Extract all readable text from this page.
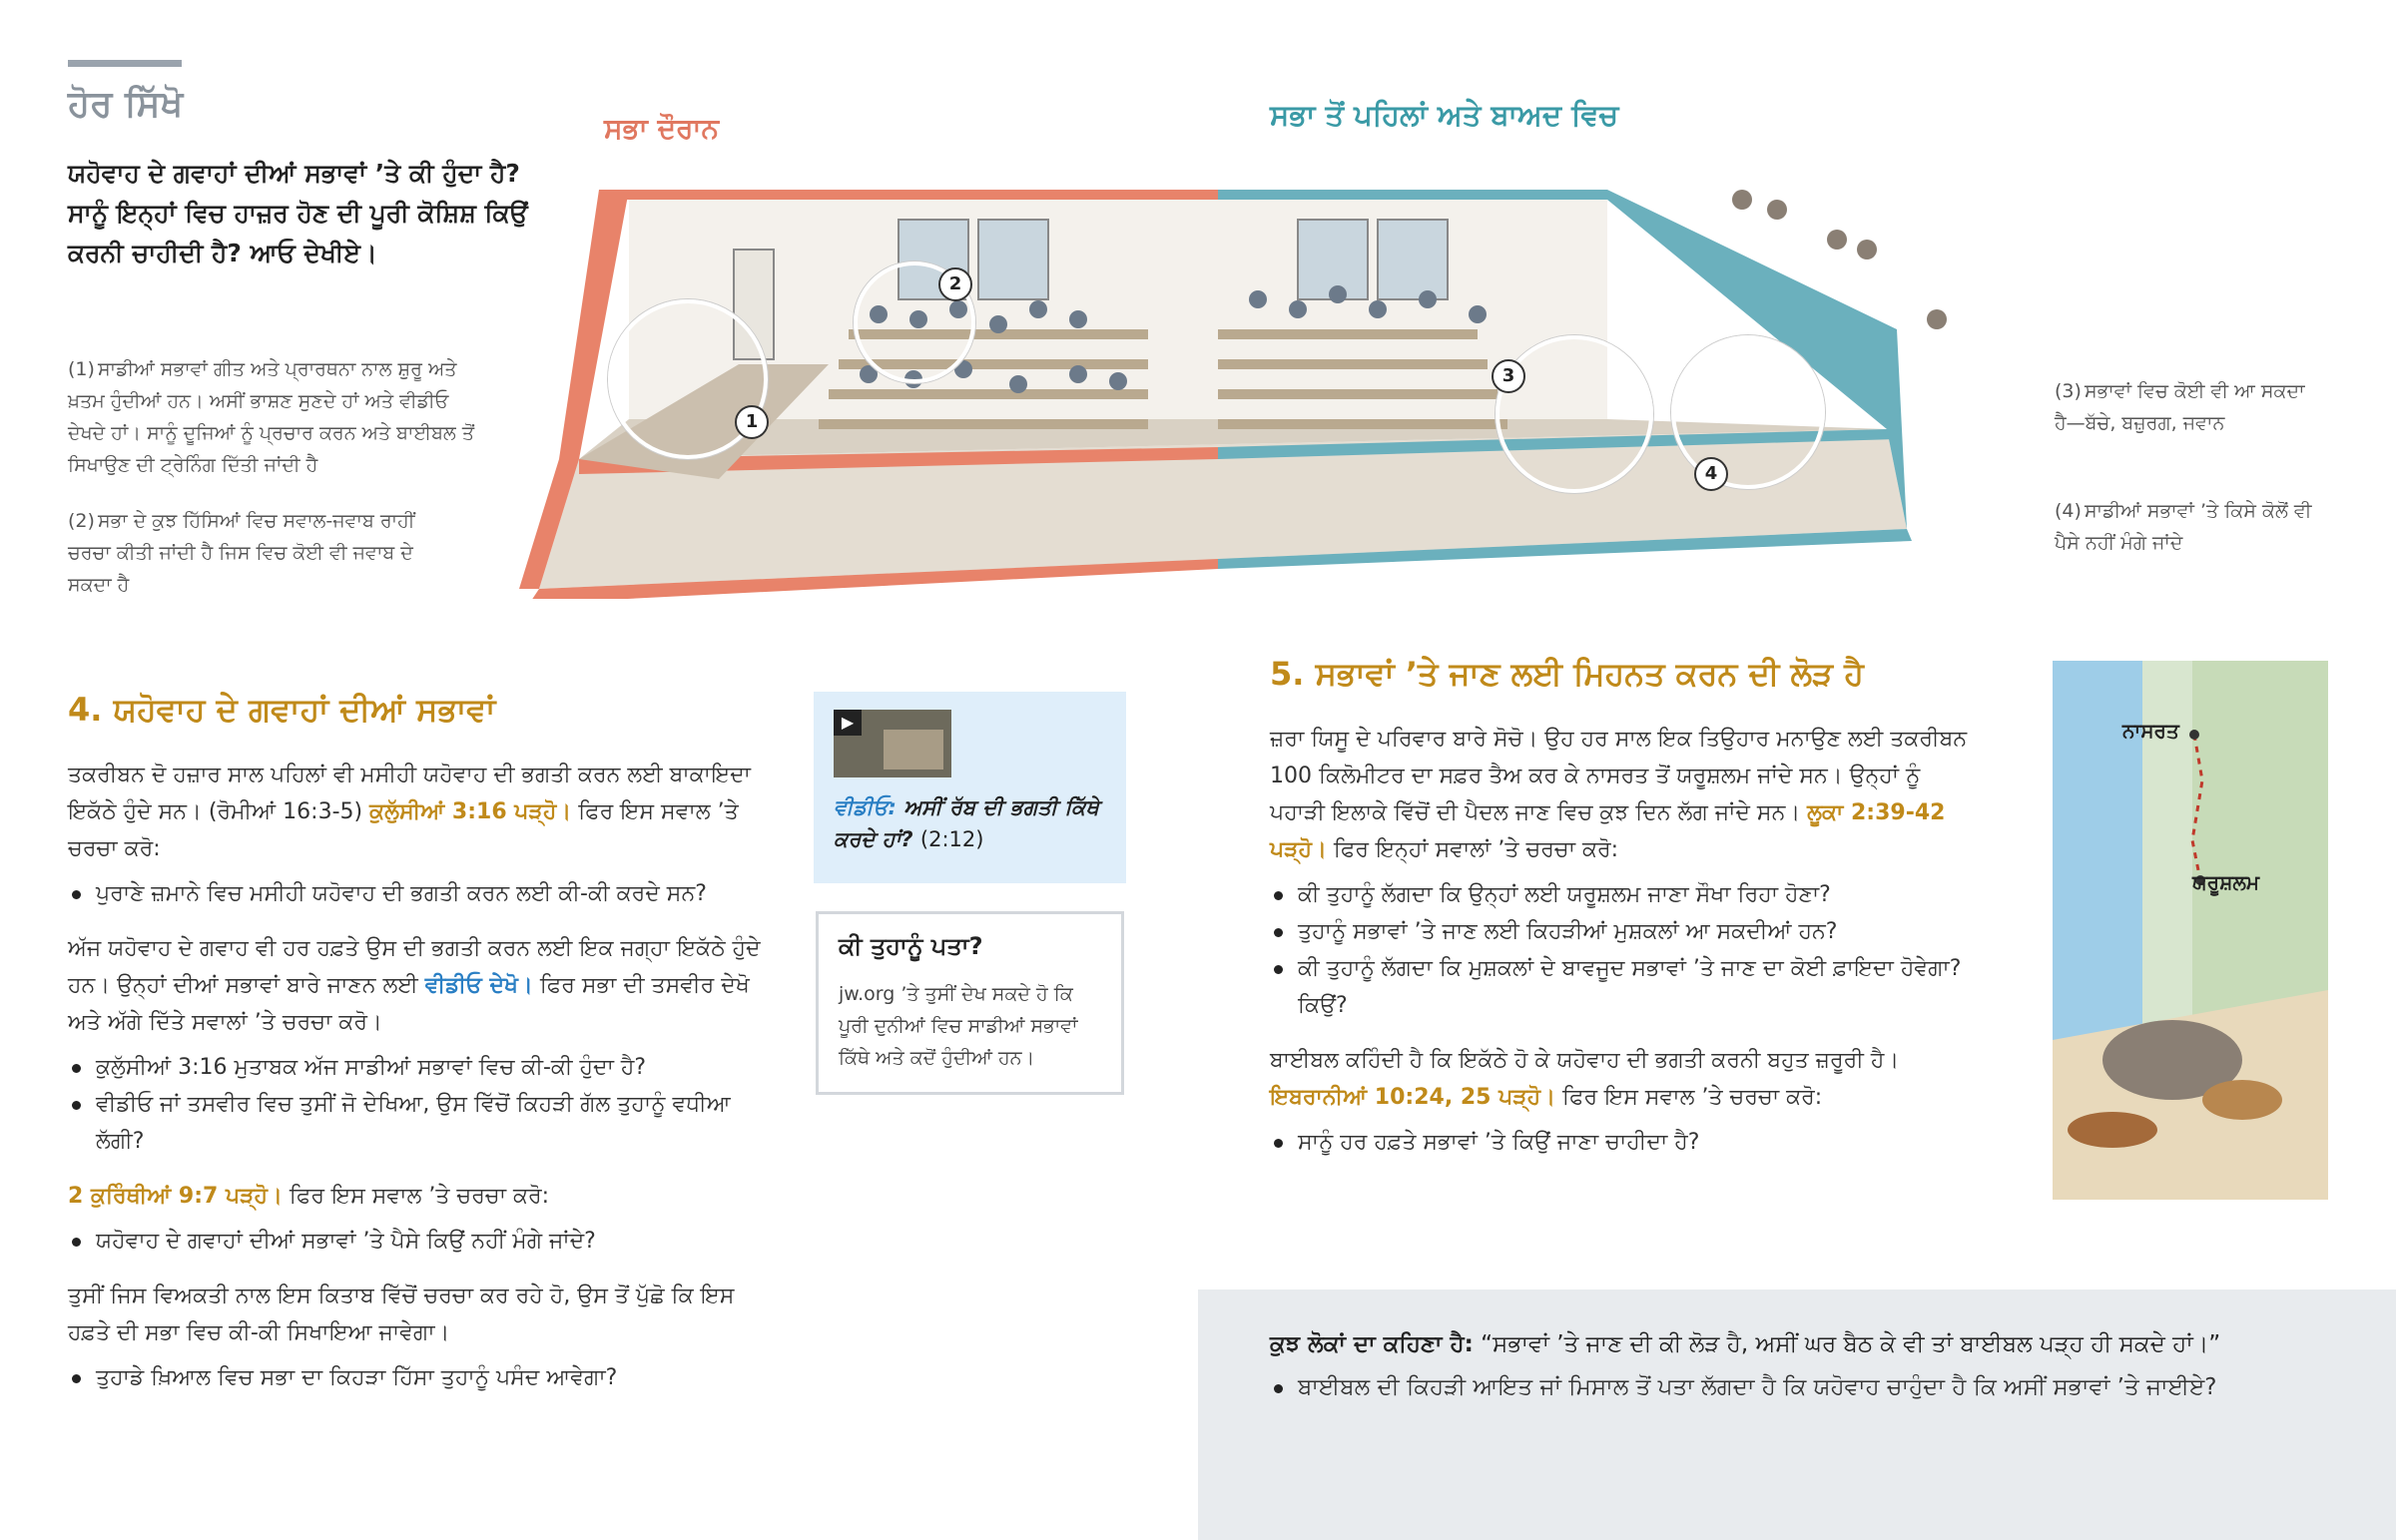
ਹੋਰ ਸਿੱਖੋ
ਯਹੋਵਾਹ ਦੇ ਗਵਾਹਾਂ ਦੀਆਂ ਸਭਾਵਾਂ ’ਤੇ ਕੀ ਹੁੰਦਾ ਹੈ? ਸਾਨੂੰ ਇਨ੍ਹਾਂ ਵਿਚ ਹਾਜ਼ਰ ਹੋਣ ਦੀ ਪੂਰੀ ਕੋਸ਼ਿਸ਼ ਕਿਉਂ ਕਰਨੀ ਚਾਹੀਦੀ ਹੈ? ਆਓ ਦੇਖੀਏ।
ਸਭਾ ਦੌਰਾਨ	ਸਭਾ ਤੋਂ ਪਹਿਲਾਂ ਅਤੇ ਬਾਅਦ ਵਿਚ
1
2
3
4
(1) ਸਾਡੀਆਂ ਸਭਾਵਾਂ ਗੀਤ ਅਤੇ ਪ੍ਰਾਰਥਨਾ ਨਾਲ ਸ਼ੁਰੂ ਅਤੇ ਖ਼ਤਮ ਹੁੰਦੀਆਂ ਹਨ। ਅਸੀਂ ਭਾਸ਼ਣ ਸੁਣਦੇ ਹਾਂ ਅਤੇ ਵੀਡੀਓ ਦੇਖਦੇ ਹਾਂ। ਸਾਨੂੰ ਦੂਜਿਆਂ ਨੂੰ ਪ੍ਰਚਾਰ ਕਰਨ ਅਤੇ ਬਾਈਬਲ ਤੋਂ ਸਿਖਾਉਣ ਦੀ ਟ੍ਰੇਨਿੰਗ ਦਿੱਤੀ ਜਾਂਦੀ ਹੈ
(2) ਸਭਾ ਦੇ ਕੁਝ ਹਿੱਸਿਆਂ ਵਿਚ ਸਵਾਲ-ਜਵਾਬ ਰਾਹੀਂ ਚਰਚਾ ਕੀਤੀ ਜਾਂਦੀ ਹੈ ਜਿਸ ਵਿਚ ਕੋਈ ਵੀ ਜਵਾਬ ਦੇ ਸਕਦਾ ਹੈ
(3) ਸਭਾਵਾਂ ਵਿਚ ਕੋਈ ਵੀ ਆ ਸਕਦਾ ਹੈ—ਬੱਚੇ, ਬਜ਼ੁਰਗ, ਜਵਾਨ
(4) ਸਾਡੀਆਂ ਸਭਾਵਾਂ ’ਤੇ ਕਿਸੇ ਕੋਲੋਂ ਵੀ ਪੈਸੇ ਨਹੀਂ ਮੰਗੇ ਜਾਂਦੇ
4. ਯਹੋਵਾਹ ਦੇ ਗਵਾਹਾਂ ਦੀਆਂ ਸਭਾਵਾਂ
ਤਕਰੀਬਨ ਦੋ ਹਜ਼ਾਰ ਸਾਲ ਪਹਿਲਾਂ ਵੀ ਮਸੀਹੀ ਯਹੋਵਾਹ ਦੀ ਭਗਤੀ ਕਰਨ ਲਈ ਬਾਕਾਇਦਾ ਇਕੱਠੇ ਹੁੰਦੇ ਸਨ। (ਰੋਮੀਆਂ 16:3-5) ਕੁਲੁੱਸੀਆਂ 3:16 ਪੜ੍ਹੋ। ਫਿਰ ਇਸ ਸਵਾਲ ’ਤੇ ਚਰਚਾ ਕਰੋ:
ਪੁਰਾਣੇ ਜ਼ਮਾਨੇ ਵਿਚ ਮਸੀਹੀ ਯਹੋਵਾਹ ਦੀ ਭਗਤੀ ਕਰਨ ਲਈ ਕੀ-ਕੀ ਕਰਦੇ ਸਨ?
ਅੱਜ ਯਹੋਵਾਹ ਦੇ ਗਵਾਹ ਵੀ ਹਰ ਹਫ਼ਤੇ ਉਸ ਦੀ ਭਗਤੀ ਕਰਨ ਲਈ ਇਕ ਜਗ੍ਹਾ ਇਕੱਠੇ ਹੁੰਦੇ ਹਨ। ਉਨ੍ਹਾਂ ਦੀਆਂ ਸਭਾਵਾਂ ਬਾਰੇ ਜਾਣਨ ਲਈ ਵੀਡੀਓ ਦੇਖੋ। ਫਿਰ ਸਭਾ ਦੀ ਤਸਵੀਰ ਦੇਖੋ ਅਤੇ ਅੱਗੇ ਦਿੱਤੇ ਸਵਾਲਾਂ ’ਤੇ ਚਰਚਾ ਕਰੋ।
ਕੁਲੁੱਸੀਆਂ 3:16 ਮੁਤਾਬਕ ਅੱਜ ਸਾਡੀਆਂ ਸਭਾਵਾਂ ਵਿਚ ਕੀ-ਕੀ ਹੁੰਦਾ ਹੈ?
ਵੀਡੀਓ ਜਾਂ ਤਸਵੀਰ ਵਿਚ ਤੁਸੀਂ ਜੋ ਦੇਖਿਆ, ਉਸ ਵਿੱਚੋਂ ਕਿਹੜੀ ਗੱਲ ਤੁਹਾਨੂੰ ਵਧੀਆ ਲੱਗੀ?
2 ਕੁਰਿੰਥੀਆਂ 9:7 ਪੜ੍ਹੋ। ਫਿਰ ਇਸ ਸਵਾਲ ’ਤੇ ਚਰਚਾ ਕਰੋ:
ਯਹੋਵਾਹ ਦੇ ਗਵਾਹਾਂ ਦੀਆਂ ਸਭਾਵਾਂ ’ਤੇ ਪੈਸੇ ਕਿਉਂ ਨਹੀਂ ਮੰਗੇ ਜਾਂਦੇ?
ਤੁਸੀਂ ਜਿਸ ਵਿਅਕਤੀ ਨਾਲ ਇਸ ਕਿਤਾਬ ਵਿੱਚੋਂ ਚਰਚਾ ਕਰ ਰਹੇ ਹੋ, ਉਸ ਤੋਂ ਪੁੱਛੋ ਕਿ ਇਸ ਹਫ਼ਤੇ ਦੀ ਸਭਾ ਵਿਚ ਕੀ-ਕੀ ਸਿਖਾਇਆ ਜਾਵੇਗਾ।
ਤੁਹਾਡੇ ਖ਼ਿਆਲ ਵਿਚ ਸਭਾ ਦਾ ਕਿਹੜਾ ਹਿੱਸਾ ਤੁਹਾਨੂੰ ਪਸੰਦ ਆਵੇਗਾ?
▶
ਵੀਡੀਓ: ਅਸੀਂ ਰੱਬ ਦੀ ਭਗਤੀ ਕਿੱਥੇ ਕਰਦੇ ਹਾਂ? (2:12)
ਕੀ ਤੁਹਾਨੂੰ ਪਤਾ?
jw.org ’ਤੇ ਤੁਸੀਂ ਦੇਖ ਸਕਦੇ ਹੋ ਕਿ ਪੂਰੀ ਦੁਨੀਆਂ ਵਿਚ ਸਾਡੀਆਂ ਸਭਾਵਾਂ ਕਿੱਥੇ ਅਤੇ ਕਦੋਂ ਹੁੰਦੀਆਂ ਹਨ।
5. ਸਭਾਵਾਂ ’ਤੇ ਜਾਣ ਲਈ ਮਿਹਨਤ ਕਰਨ ਦੀ ਲੋੜ ਹੈ
ਜ਼ਰਾ ਯਿਸੂ ਦੇ ਪਰਿਵਾਰ ਬਾਰੇ ਸੋਚੋ। ਉਹ ਹਰ ਸਾਲ ਇਕ ਤਿਉਹਾਰ ਮਨਾਉਣ ਲਈ ਤਕਰੀਬਨ 100 ਕਿਲੋਮੀਟਰ ਦਾ ਸਫ਼ਰ ਤੈਅ ਕਰ ਕੇ ਨਾਸਰਤ ਤੋਂ ਯਰੂਸ਼ਲਮ ਜਾਂਦੇ ਸਨ। ਉਨ੍ਹਾਂ ਨੂੰ ਪਹਾੜੀ ਇਲਾਕੇ ਵਿੱਚੋਂ ਦੀ ਪੈਦਲ ਜਾਣ ਵਿਚ ਕੁਝ ਦਿਨ ਲੱਗ ਜਾਂਦੇ ਸਨ। ਲੂਕਾ 2:39-42 ਪੜ੍ਹੋ। ਫਿਰ ਇਨ੍ਹਾਂ ਸਵਾਲਾਂ ’ਤੇ ਚਰਚਾ ਕਰੋ:
ਕੀ ਤੁਹਾਨੂੰ ਲੱਗਦਾ ਕਿ ਉਨ੍ਹਾਂ ਲਈ ਯਰੂਸ਼ਲਮ ਜਾਣਾ ਸੌਖਾ ਰਿਹਾ ਹੋਣਾ?
ਤੁਹਾਨੂੰ ਸਭਾਵਾਂ ’ਤੇ ਜਾਣ ਲਈ ਕਿਹੜੀਆਂ ਮੁਸ਼ਕਲਾਂ ਆ ਸਕਦੀਆਂ ਹਨ?
ਕੀ ਤੁਹਾਨੂੰ ਲੱਗਦਾ ਕਿ ਮੁਸ਼ਕਲਾਂ ਦੇ ਬਾਵਜੂਦ ਸਭਾਵਾਂ ’ਤੇ ਜਾਣ ਦਾ ਕੋਈ ਫ਼ਾਇਦਾ ਹੋਵੇਗਾ? ਕਿਉਂ?
ਬਾਈਬਲ ਕਹਿੰਦੀ ਹੈ ਕਿ ਇਕੱਠੇ ਹੋ ਕੇ ਯਹੋਵਾਹ ਦੀ ਭਗਤੀ ਕਰਨੀ ਬਹੁਤ ਜ਼ਰੂਰੀ ਹੈ। ਇਬਰਾਨੀਆਂ 10:24, 25 ਪੜ੍ਹੋ। ਫਿਰ ਇਸ ਸਵਾਲ ’ਤੇ ਚਰਚਾ ਕਰੋ:
ਸਾਨੂੰ ਹਰ ਹਫ਼ਤੇ ਸਭਾਵਾਂ ’ਤੇ ਕਿਉਂ ਜਾਣਾ ਚਾਹੀਦਾ ਹੈ?
ਨਾਸਰਤ
ਯਰੂਸ਼ਲਮ
ਕੁਝ ਲੋਕਾਂ ਦਾ ਕਹਿਣਾ ਹੈ: “ਸਭਾਵਾਂ ’ਤੇ ਜਾਣ ਦੀ ਕੀ ਲੋੜ ਹੈ, ਅਸੀਂ ਘਰ ਬੈਠ ਕੇ ਵੀ ਤਾਂ ਬਾਈਬਲ ਪੜ੍ਹ ਹੀ ਸਕਦੇ ਹਾਂ।”
ਬਾਈਬਲ ਦੀ ਕਿਹੜੀ ਆਇਤ ਜਾਂ ਮਿਸਾਲ ਤੋਂ ਪਤਾ ਲੱਗਦਾ ਹੈ ਕਿ ਯਹੋਵਾਹ ਚਾਹੁੰਦਾ ਹੈ ਕਿ ਅਸੀਂ ਸਭਾਵਾਂ ’ਤੇ ਜਾਈਏ?
